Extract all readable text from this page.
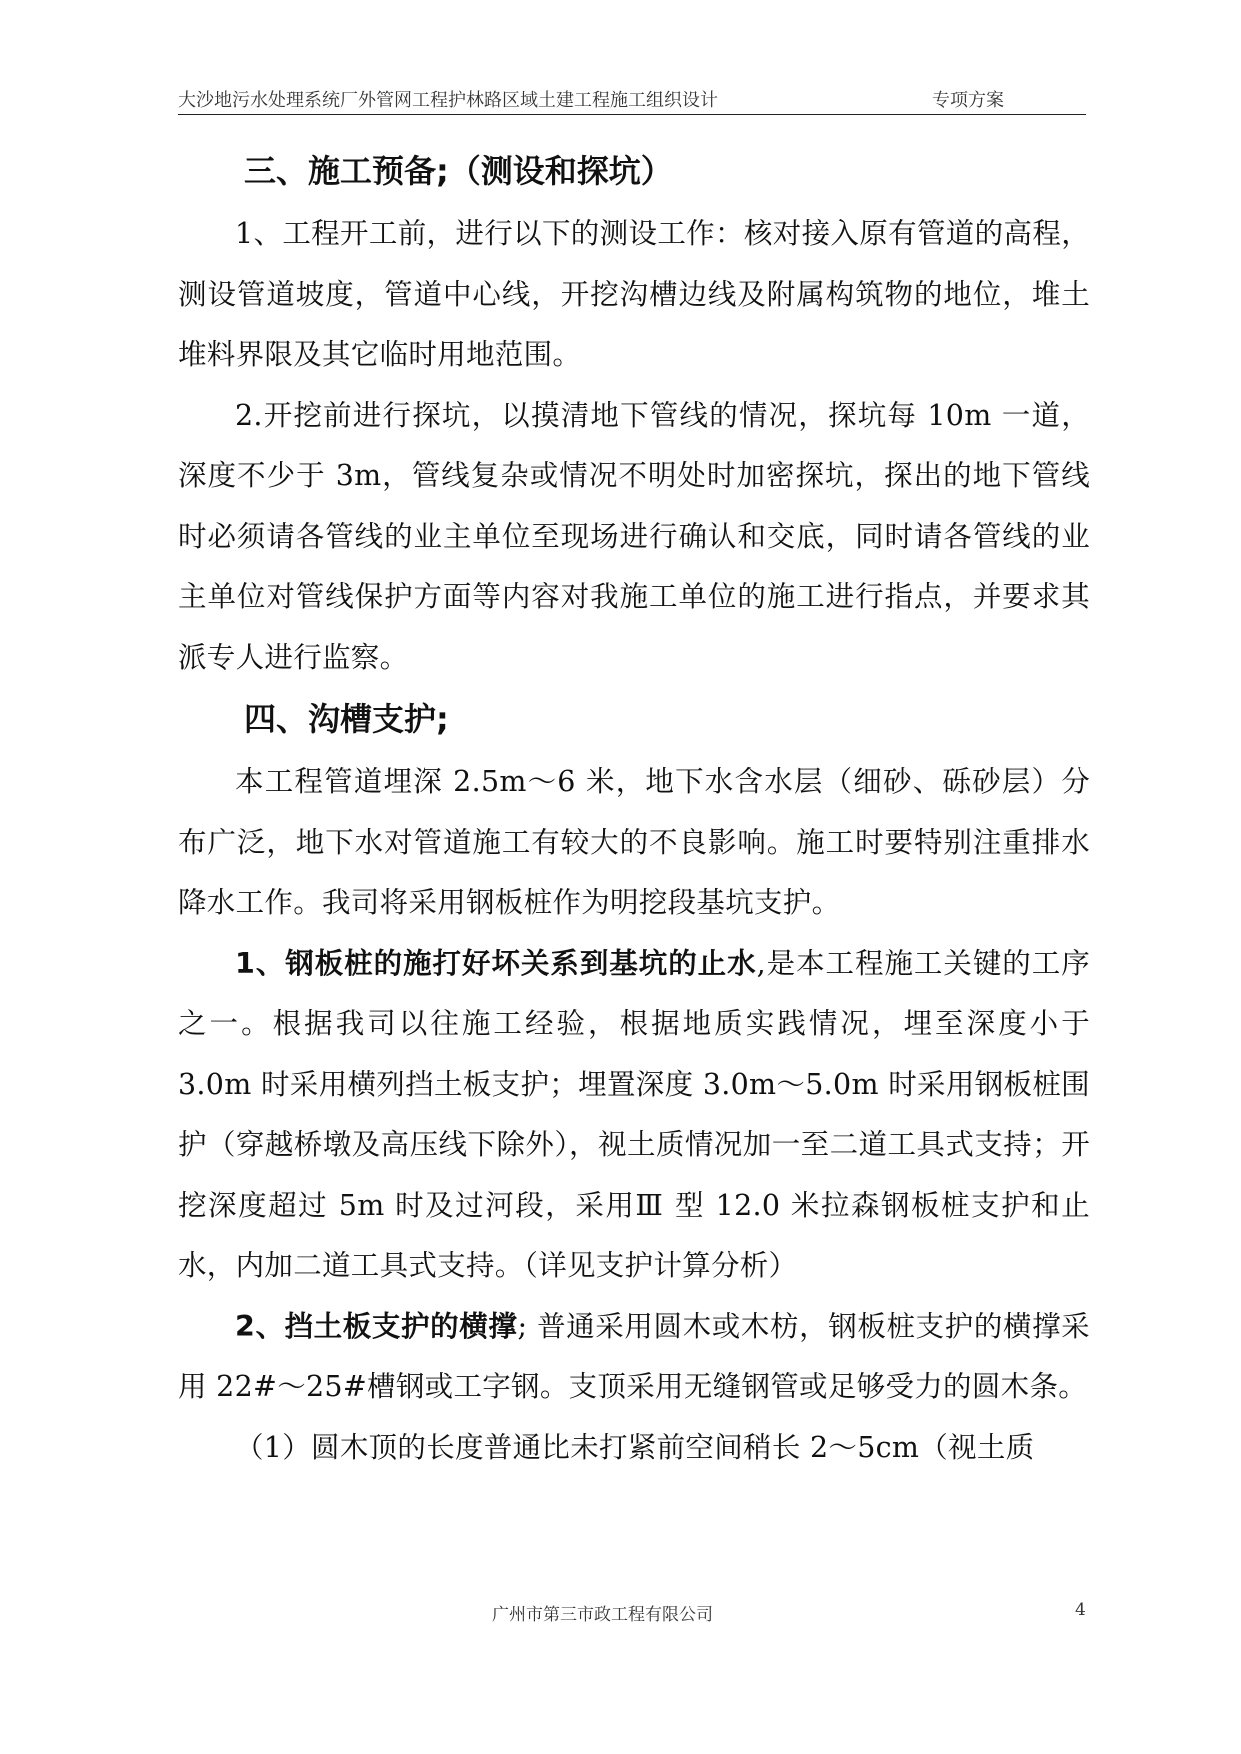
大沙地污水处理系统厂外管网工程护林路区域土建工程施工组织设计	专项方案
三、施工预备;（测设和探坑）

1、工程开工前，进行以下的测设工作：核对接入原有管道的高程，测设管道坡度，管道中心线，开挖沟槽边线及附属构筑物的地位，堆土堆料界限及其它临时用地范围。

2.开挖前进行探坑，以摸清地下管线的情况，探坑每 10m 一道，深度不少于 3m，管线复杂或情况不明处时加密探坑，探出的地下管线时必须请各管线的业主单位至现场进行确认和交底，同时请各管线的业主单位对管线保护方面等内容对我施工单位的施工进行指点，并要求其派专人进行监察。

四、沟槽支护;

本工程管道埋深 2.5m～6 米，地下水含水层（细砂、砾砂层）分布广泛，地下水对管道施工有较大的不良影响。施工时要特别注重排水降水工作。我司将采用钢板桩作为明挖段基坑支护。

1、钢板桩的施打好坏关系到基坑的止水,是本工程施工关键的工序之一。根据我司以往施工经验，根据地质实践情况，埋至深度小于 3.0m 时采用横列挡土板支护；埋置深度 3.0m～5.0m 时采用钢板桩围护（穿越桥墩及高压线下除外），视土质情况加一至二道工具式支持；开挖深度超过 5m 时及过河段，采用Ⅲ 型 12.0 米拉森钢板桩支护和止水，内加二道工具式支持。（详见支护计算分析）

2、挡土板支护的横撑; 普通采用圆木或木枋，钢板桩支护的横撑采用 22#～25#槽钢或工字钢。支顶采用无缝钢管或足够受力的圆木条。

（1）圆木顶的长度普通比未打紧前空间稍长 2～5cm（视土质

广州市第三市政工程有限公司	4
